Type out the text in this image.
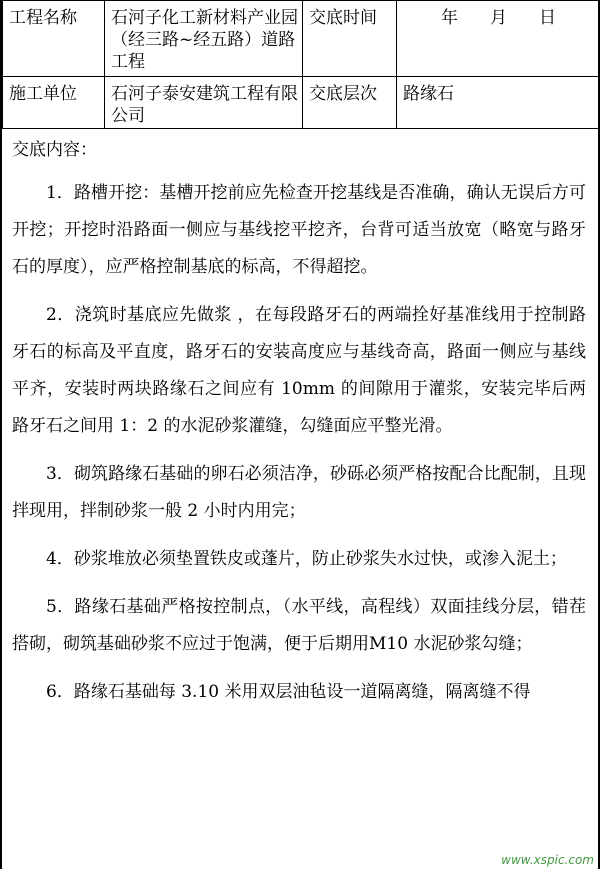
工程名称	石河子化工新材料产业园（经三路~经五路）道路工程	交底时间	年 月 日
施工单位	石河子泰安建筑工程有限公司	交底层次	路缘石
交底内容：

1．路槽开挖：基槽开挖前应先检查开挖基线是否准确，确认无误后方可开挖；开挖时沿路面一侧应与基线挖平挖齐，台背可适当放宽（略宽与路牙石的厚度），应严格控制基底的标高，不得超挖。

2．浇筑时基底应先做浆 ，在每段路牙石的两端拴好基准线用于控制路牙石的标高及平直度，路牙石的安装高度应与基线奇高，路面一侧应与基线平齐，安装时两块路缘石之间应有 10mm 的间隙用于灌浆，安装完毕后两路牙石之间用 1：2 的水泥砂浆灌缝，勾缝面应平整光滑。

3．砌筑路缘石基础的卵石必须洁净，砂砾必须严格按配合比配制，且现拌现用，拌制砂浆一般 2 小时内用完；

4．砂浆堆放必须垫置铁皮或蓬片，防止砂浆失水过快，或渗入泥土；

5．路缘石基础严格按控制点，（水平线，高程线）双面挂线分层，错茬搭砌，砌筑基础砂浆不应过于饱满，便于后期用M10 水泥砂浆勾缝；

6．路缘石基础每 3.10 米用双层油毡设一道隔离缝，隔离缝不得

www.xspic.com
